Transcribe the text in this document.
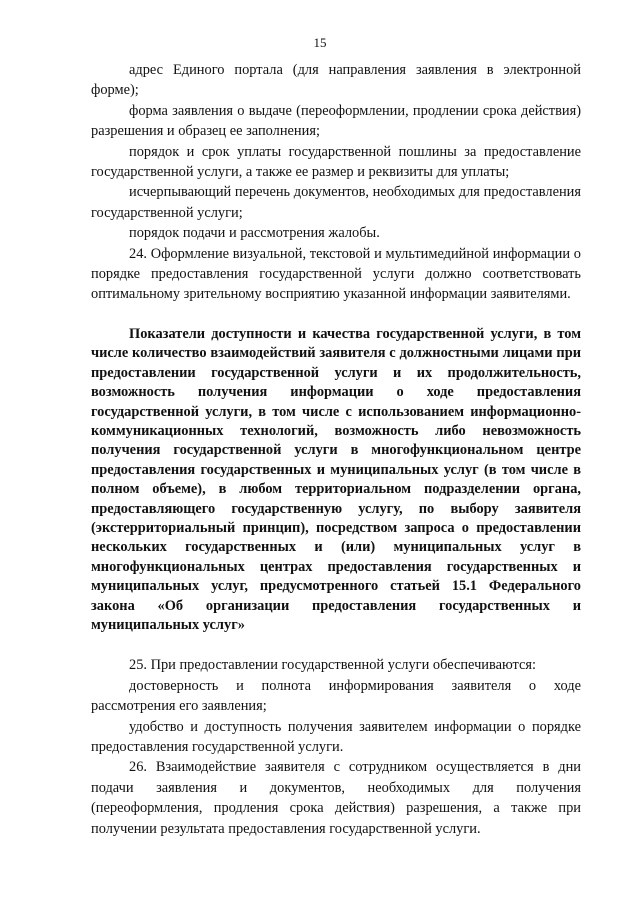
15

адрес Единого портала (для направления заявления в электронной форме);

форма заявления о выдаче (переоформлении, продлении срока действия) разрешения и образец ее заполнения;

порядок и срок уплаты государственной пошлины за предоставление государственной услуги, а также ее размер и реквизиты для уплаты;

исчерпывающий перечень документов, необходимых для предоставления государственной услуги;

порядок подачи и рассмотрения жалобы.

24. Оформление визуальной, текстовой и мультимедийной информации о порядке предоставления государственной услуги должно соответствовать оптимальному зрительному восприятию указанной информации заявителями.

Показатели доступности и качества государственной услуги, в том числе количество взаимодействий заявителя с должностными лицами при предоставлении государственной услуги и их продолжительность, возможность получения информации о ходе предоставления государственной услуги, в том числе с использованием информационно-коммуникационных технологий, возможность либо невозможность получения государственной услуги в многофункциональном центре предоставления государственных и муниципальных услуг (в том числе в полном объеме), в любом территориальном подразделении органа, предоставляющего государственную услугу, по выбору заявителя (экстерриториальный принцип), посредством запроса о предоставлении нескольких государственных и (или) муниципальных услуг в многофункциональных центрах предоставления государственных и муниципальных услуг, предусмотренного статьей 15.1 Федерального закона «Об организации предоставления государственных и муниципальных услуг»

25. При предоставлении государственной услуги обеспечиваются:

достоверность и полнота информирования заявителя о ходе рассмотрения его заявления;

удобство и доступность получения заявителем информации о порядке предоставления государственной услуги.

26. Взаимодействие заявителя с сотрудником осуществляется в дни подачи заявления и документов, необходимых для получения (переоформления, продления срока действия) разрешения, а также при получении результата предоставления государственной услуги.
